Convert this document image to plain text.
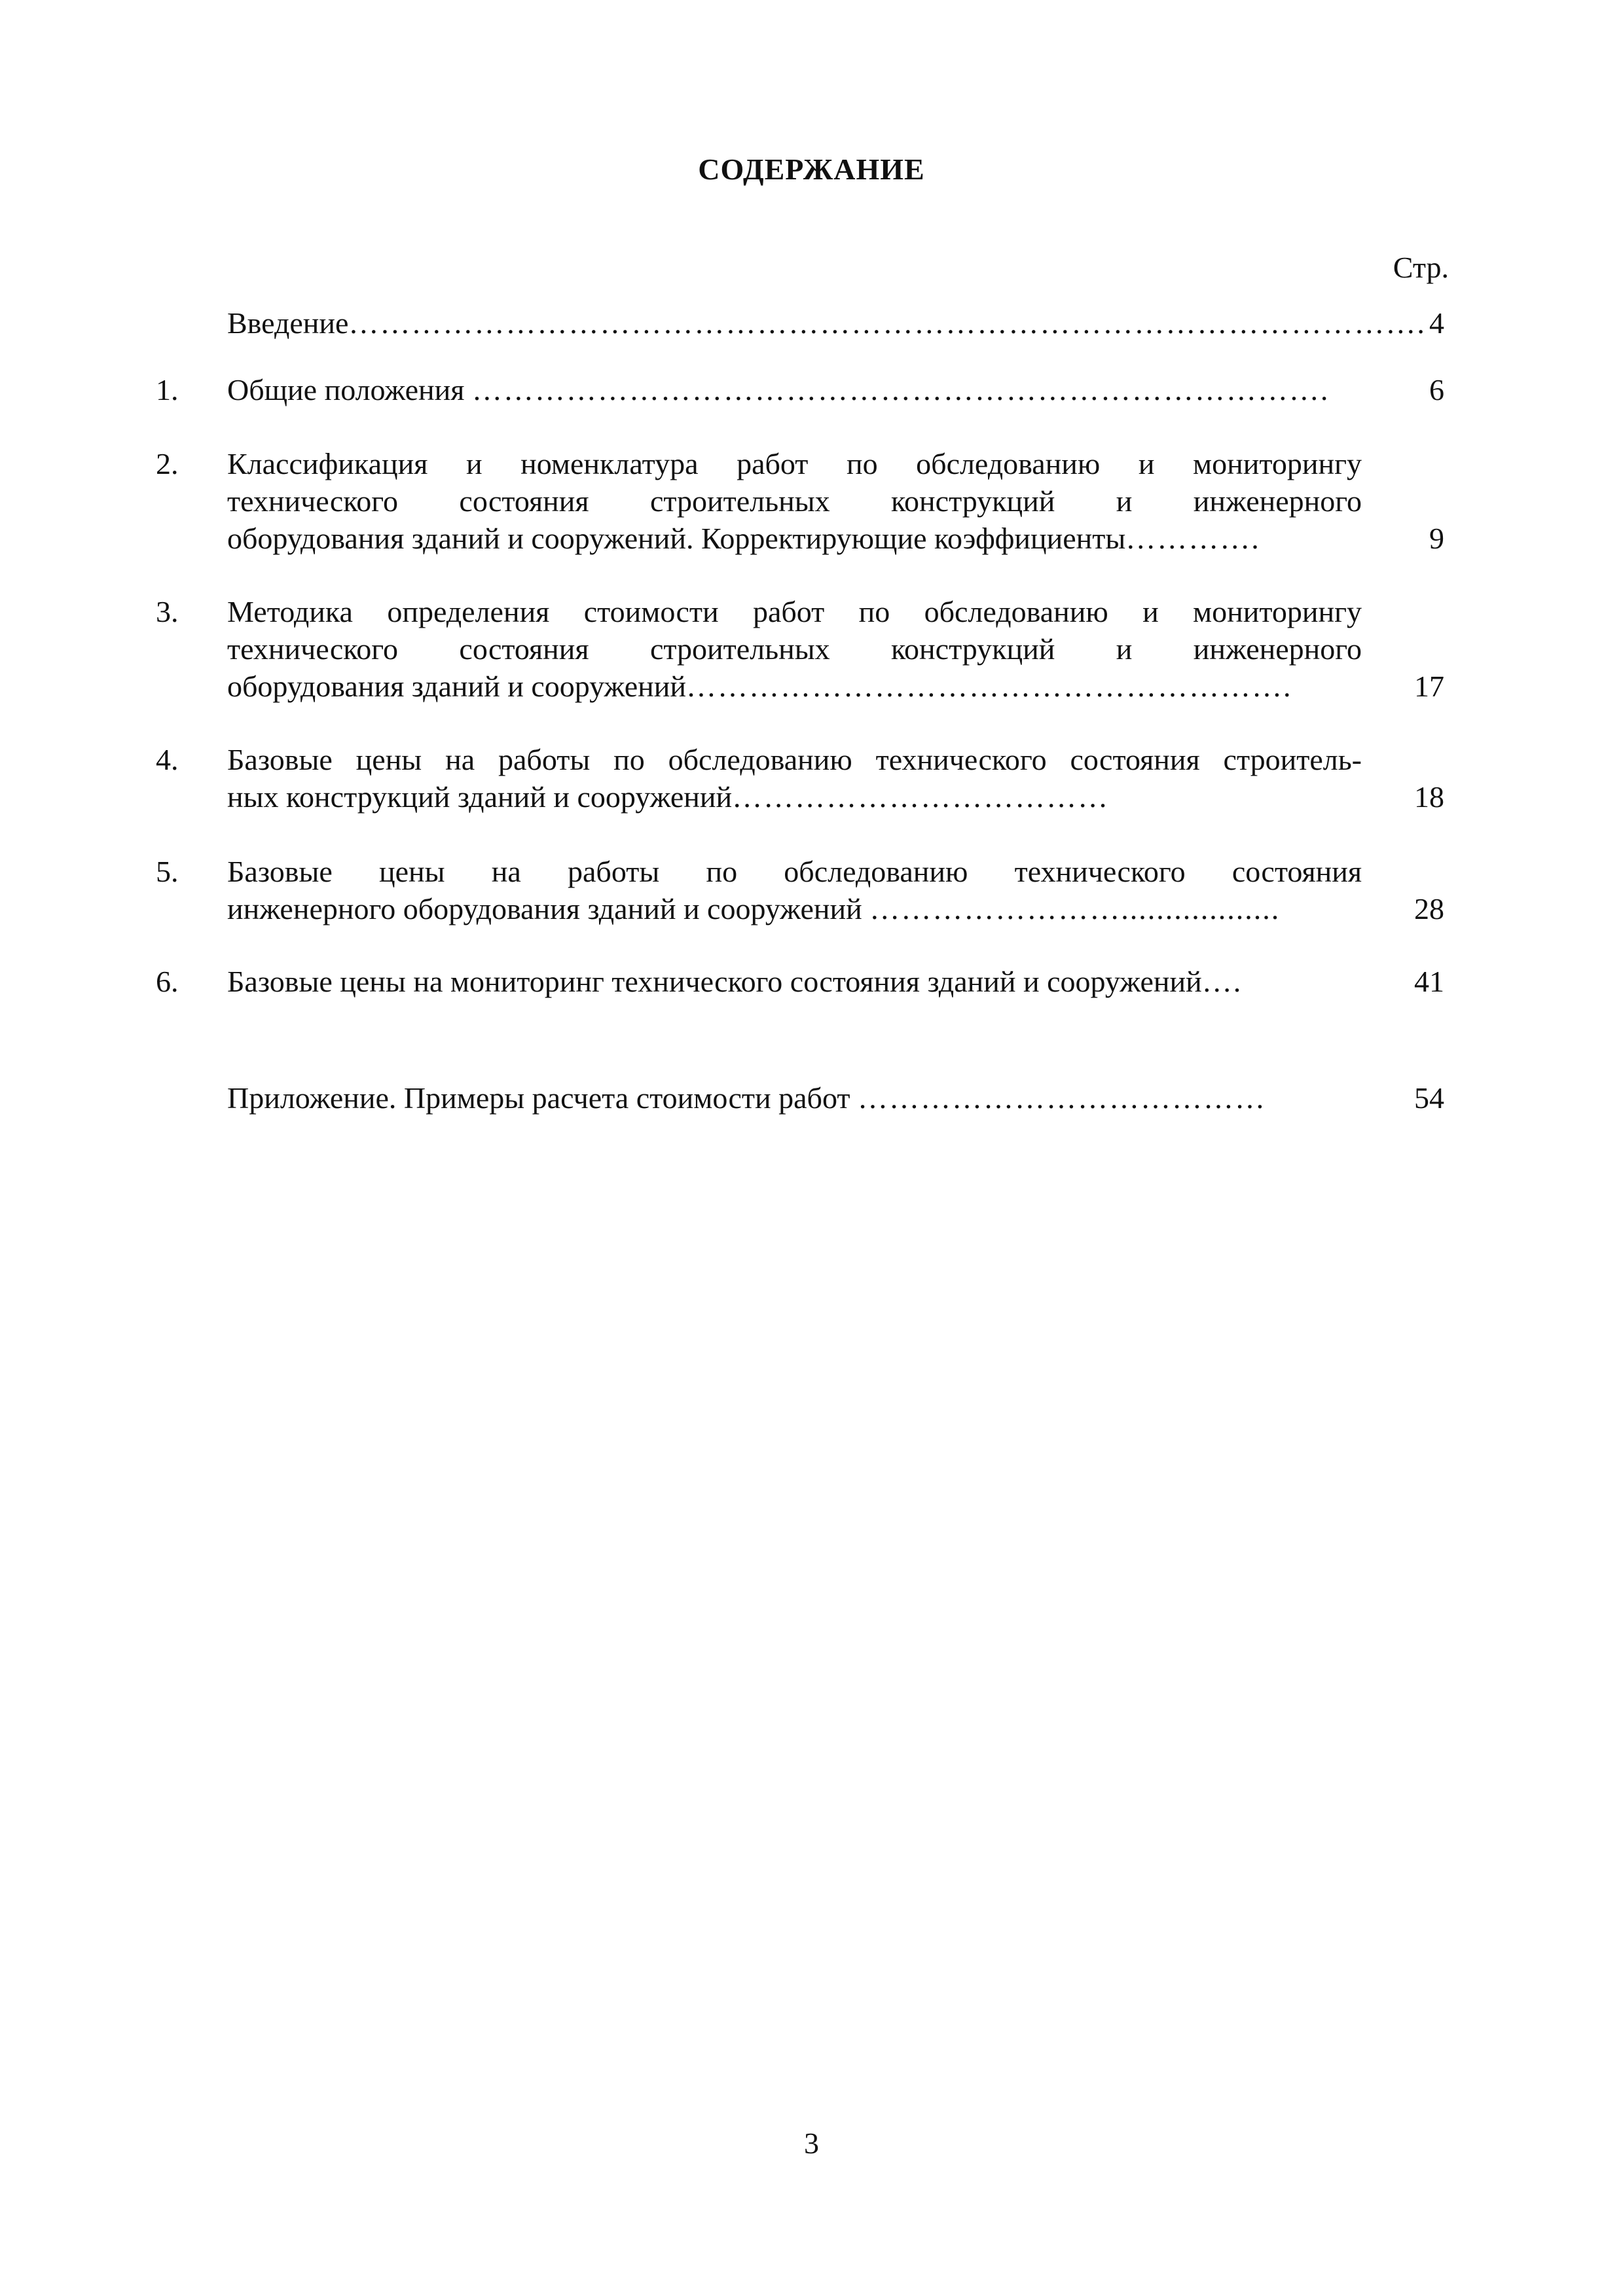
СОДЕРЖАНИЕ
Стр.
Введение…………………………………………………………………………………………. 4
1. Общие положения ……………………………………………………………………….	6
2. Классификация и номенклатура работ по обследованию и мониторингу
технического состояния строительных конструкций и инженерного
оборудования зданий и сооружений. Корректирующие коэффициенты………….	9
3. Методика определения стоимости работ по обследованию и мониторингу
технического состояния строительных конструкций и инженерного
оборудования зданий и сооружений………………………………………………….	17
4. Базовые цены на работы по обследованию технического состояния строитель-
ных конструкций зданий и сооружений………………………………	18
5. Базовые цены на работы по обследованию технического состояния
инженерного оборудования зданий и сооружений ……………………..................	28
6. Базовые цены на мониторинг технического состояния зданий и сооружений….	41
Приложение. Примеры расчета стоимости работ …………………………………	54
3
